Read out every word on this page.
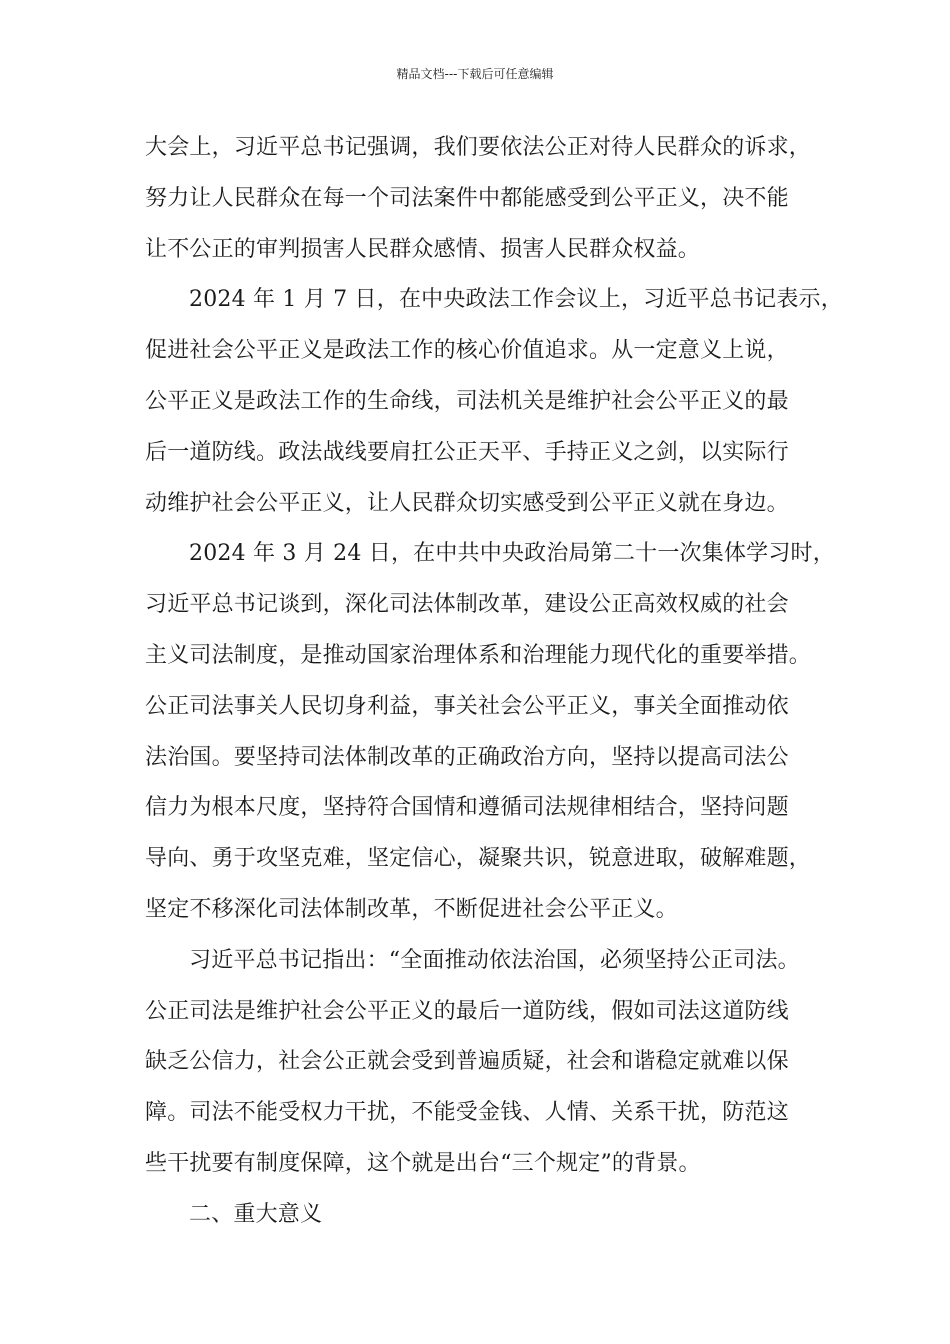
精品文档---下载后可任意编辑
大会上，习近平总书记强调，我们要依法公正对待人民群众的诉求，
努力让人民群众在每一个司法案件中都能感受到公平正义，决不能
让不公正的审判损害人民群众感情、损害人民群众权益。
2024 年 1 月 7 日，在中央政法工作会议上，习近平总书记表示，
促进社会公平正义是政法工作的核心价值追求。从一定意义上说，
公平正义是政法工作的生命线，司法机关是维护社会公平正义的最
后一道防线。政法战线要肩扛公正天平、手持正义之剑，以实际行
动维护社会公平正义，让人民群众切实感受到公平正义就在身边。
2024 年 3 月 24 日，在中共中央政治局第二十一次集体学习时，
习近平总书记谈到，深化司法体制改革，建设公正高效权威的社会
主义司法制度，是推动国家治理体系和治理能力现代化的重要举措。
公正司法事关人民切身利益，事关社会公平正义，事关全面推动依
法治国。要坚持司法体制改革的正确政治方向，坚持以提高司法公
信力为根本尺度，坚持符合国情和遵循司法规律相结合，坚持问题
导向、勇于攻坚克难，坚定信心，凝聚共识，锐意进取，破解难题，
坚定不移深化司法体制改革，不断促进社会公平正义。
习近平总书记指出：“全面推动依法治国，必须坚持公正司法。
公正司法是维护社会公平正义的最后一道防线，假如司法这道防线
缺乏公信力，社会公正就会受到普遍质疑，社会和谐稳定就难以保
障。司法不能受权力干扰，不能受金钱、人情、关系干扰，防范这
些干扰要有制度保障，这个就是出台“三个规定”的背景。
二、重大意义
